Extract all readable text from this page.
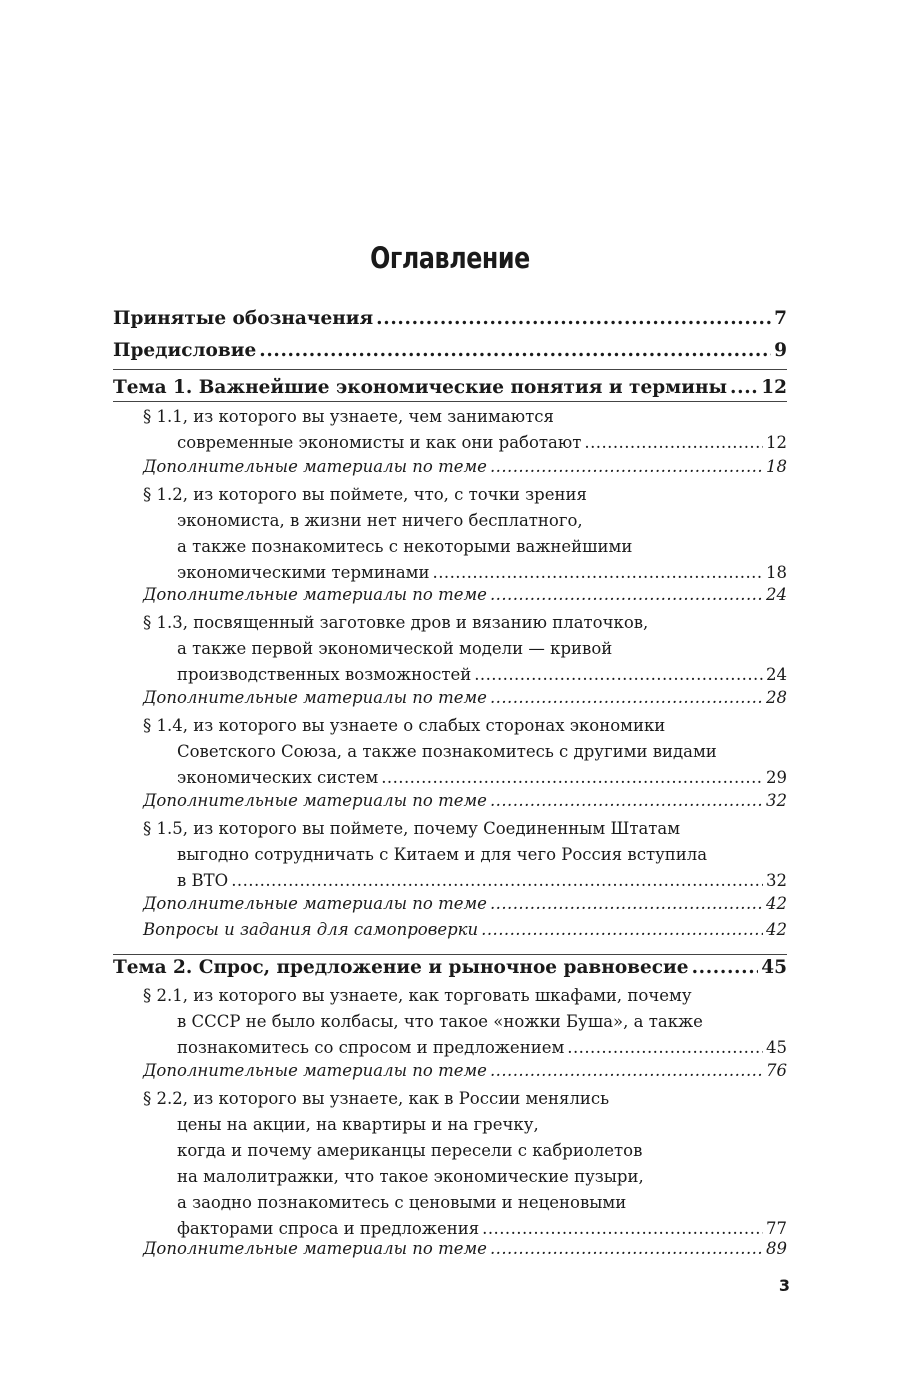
Оглавление
Принятые обозначения . . .	7
Предисловие . . .	9
Тема 1. Важнейшие экономические понятия и термины . . . 12
§ 1.1, из которого вы узнаете, чем занимаются
современные экономисты и как они работают . . .	12
Дополнительные материалы по теме . . .	18
§ 1.2, из которого вы поймете, что, с точки зрения
экономиста, в жизни нет ничего бесплатного,
а также познакомитесь с некоторыми важнейшими
экономическими терминами . . .	18
Дополнительные материалы по теме . . .	24
§ 1.3, посвященный заготовке дров и вязанию платочков,
а также первой экономической модели — кривой
производственных возможностей . . .	24
Дополнительные материалы по теме . . .	28
§ 1.4, из которого вы узнаете о слабых сторонах экономики
Советского Союза, а также познакомитесь с другими видами
экономических систем . . .	29
Дополнительные материалы по теме . . .	32
§ 1.5, из которого вы поймете, почему Соединенным Штатам
выгодно сотрудничать с Китаем и для чего Россия вступила
в ВТО . . .	32
Дополнительные материалы по теме . . .	42
Вопросы и задания для самопроверки . . .	42
Тема 2. Спрос, предложение и рыночное равновесие . . .	45
§ 2.1, из которого вы узнаете, как торговать шкафами, почему
в СССР не было колбасы, что такое «ножки Буша», а также
познакомитесь со спросом и предложением . . .	45
Дополнительные материалы по теме . . .	76
§ 2.2, из которого вы узнаете, как в России менялись
цены на акции, на квартиры и на гречку,
когда и почему американцы пересели с кабриолетов
на малолитражки, что такое экономические пузыри,
а заодно познакомитесь с ценовыми и неценовыми
факторами спроса и предложения . . .	77
Дополнительные материалы по теме . . .	89
3
